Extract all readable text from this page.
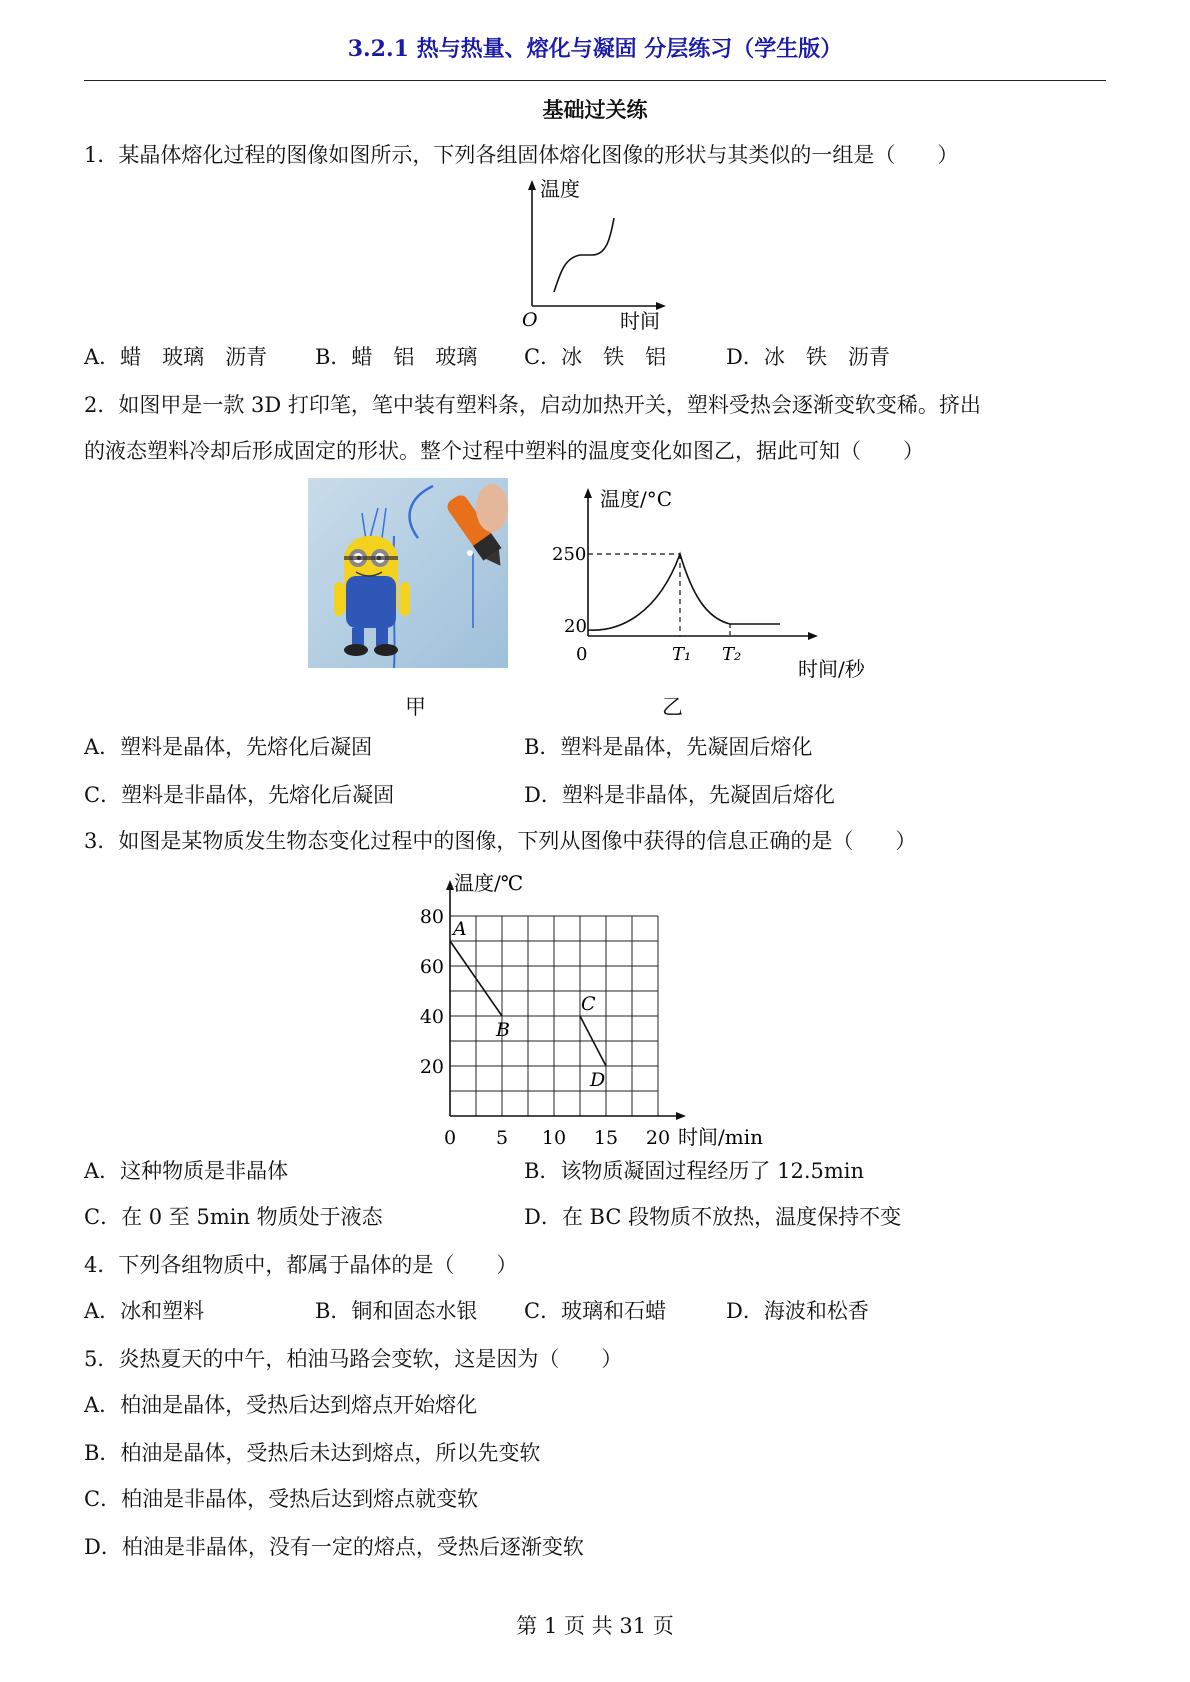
3.2.1 热与热量、熔化与凝固 分层练习（学生版）
基础过关练
1．某晶体熔化过程的图像如图所示，下列各组固体熔化图像的形状与其类似的一组是（　　）
温度
O	时间
A．蜡　玻璃　沥青 B．蜡　铝　玻璃 C．冰　铁　铝	D．冰　铁　沥青
2．如图甲是一款 3D 打印笔，笔中装有塑料条，启动加热开关，塑料受热会逐渐变软变稀。挤出
的液态塑料冷却后形成固定的形状。整个过程中塑料的温度变化如图乙，据此可知（　　）
温度/°C
250
20
0	T₁ T₂
时间/秒
甲	乙
A．塑料是晶体，先熔化后凝固	B．塑料是晶体，先凝固后熔化
C．塑料是非晶体，先熔化后凝固	D．塑料是非晶体，先凝固后熔化
3．如图是某物质发生物态变化过程中的图像，下列从图像中获得的信息正确的是（　　）
0 5 10 15 20
80
60
40
20
温度/℃
时间/min
A
B
C
D
A．这种物质是非晶体	B．该物质凝固过程经历了 12.5min
C．在 0 至 5min 物质处于液态	D．在 BC 段物质不放热，温度保持不变
4．下列各组物质中，都属于晶体的是（　　）
A．冰和塑料	B．铜和固态水银 C．玻璃和石蜡	D．海波和松香
5．炎热夏天的中午，柏油马路会变软，这是因为（　　）
A．柏油是晶体，受热后达到熔点开始熔化
B．柏油是晶体，受热后未达到熔点，所以先变软
C．柏油是非晶体，受热后达到熔点就变软
D．柏油是非晶体，没有一定的熔点，受热后逐渐变软
第 1 页 共 31 页
